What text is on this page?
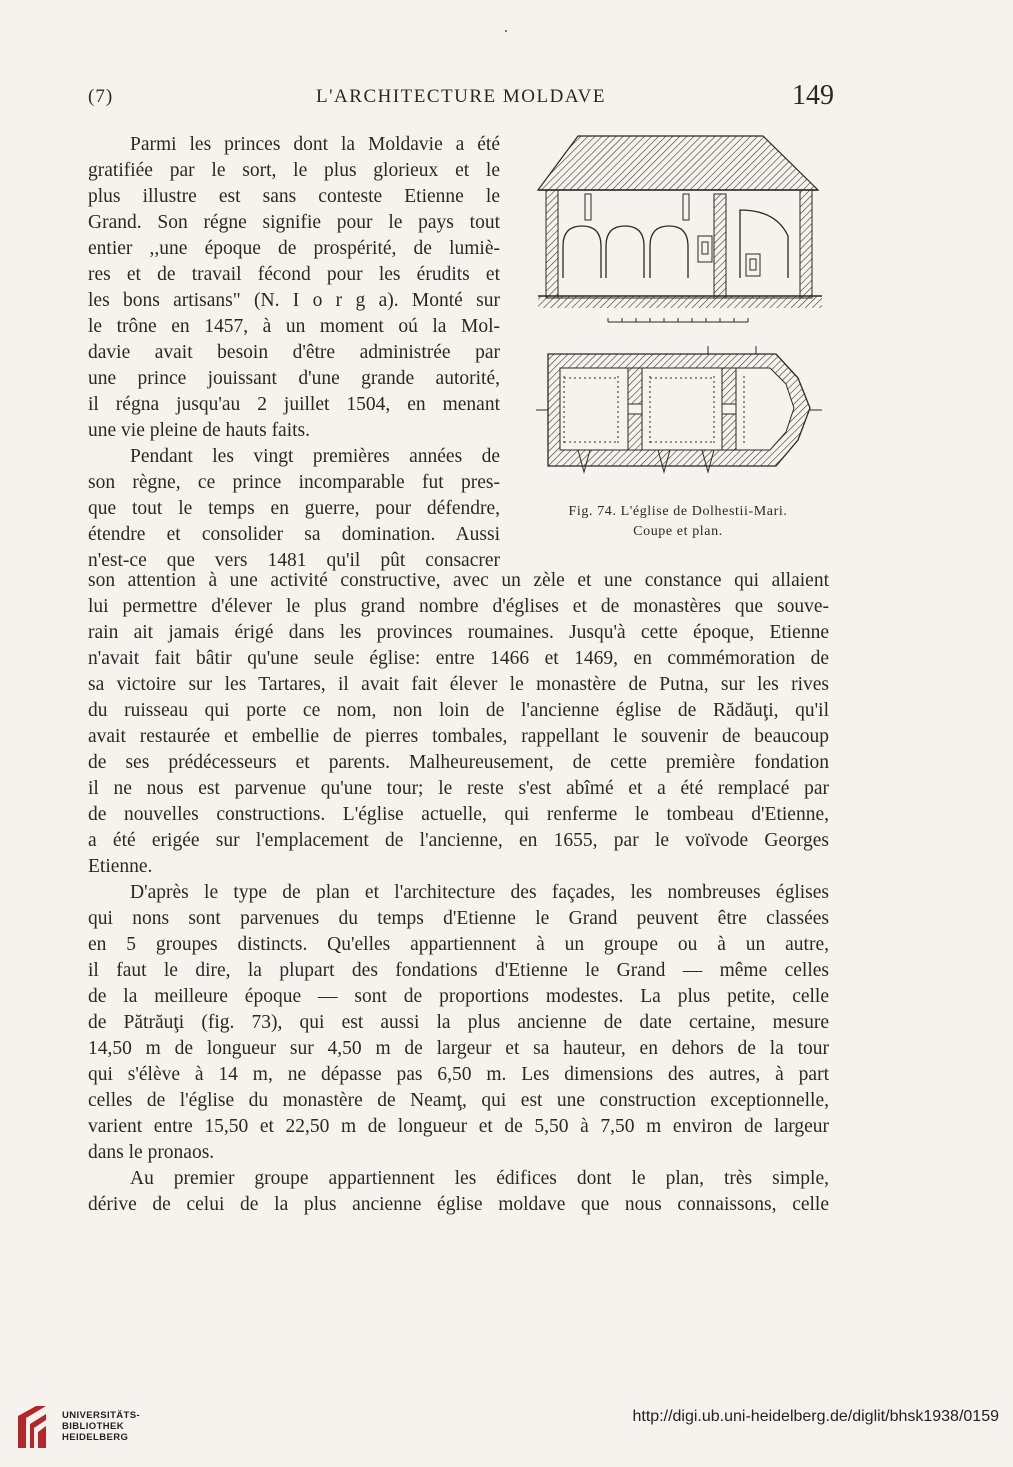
(7)	L'ARCHITECTURE MOLDAVE	149
Parmi les princes dont la Moldavie a été
gratifiée par le sort, le plus glorieux et le
plus illustre est sans conteste Etienne le
Grand. Son régne signifie pour le pays tout
entier ,,une époque de prospérité, de lumiè-
res et de travail fécond pour les érudits et
les bons artisans" (N. I o r g a). Monté sur
le trône en 1457, à un moment oú la Mol-
davie avait besoin d'être administrée par
une prince jouissant d'une grande autorité,
il régna jusqu'au 2 juillet 1504, en menant
une vie pleine de hauts faits.
Pendant les vingt premières années de
son règne, ce prince incomparable fut pres-
que tout le temps en guerre, pour défendre,
étendre et consolider sa domination. Aussi
n'est-ce que vers 1481 qu'il pût consacrer
Fig. 74. L'église de Dolhestii-Mari.
Coupe et plan.
son attention à une activité constructive, avec un zèle et une constance qui allaient
lui permettre d'élever le plus grand nombre d'églises et de monastères que souve-
rain ait jamais érigé dans les provinces roumaines. Jusqu'à cette époque, Etienne
n'avait fait bâtir qu'une seule église: entre 1466 et 1469, en commémoration de
sa victoire sur les Tartares, il avait fait élever le monastère de Putna, sur les rives
du ruisseau qui porte ce nom, non loin de l'ancienne église de Rădăuţi, qu'il
avait restaurée et embellie de pierres tombales, rappellant le souvenir de beaucoup
de ses prédécesseurs et parents. Malheureusement, de cette première fondation
il ne nous est parvenue qu'une tour; le reste s'est abîmé et a été remplacé par
de nouvelles constructions. L'église actuelle, qui renferme le tombeau d'Etienne,
a été erigée sur l'emplacement de l'ancienne, en 1655, par le voïvode Georges
Etienne.
D'après le type de plan et l'architecture des façades, les nombreuses églises
qui nons sont parvenues du temps d'Etienne le Grand peuvent être classées
en 5 groupes distincts. Qu'elles appartiennent à un groupe ou à un autre,
il faut le dire, la plupart des fondations d'Etienne le Grand — même celles
de la meilleure époque — sont de proportions modestes. La plus petite, celle
de Pătrăuţi (fig. 73), qui est aussi la plus ancienne de date certaine, mesure
14,50 m de longueur sur 4,50 m de largeur et sa hauteur, en dehors de la tour
qui s'élève à 14 m, ne dépasse pas 6,50 m. Les dimensions des autres, à part
celles de l'église du monastère de Neamţ, qui est une construction exceptionnelle,
varient entre 15,50 et 22,50 m de longueur et de 5,50 à 7,50 m environ de largeur
dans le pronaos.
Au premier groupe appartiennent les édifices dont le plan, très simple,
dérive de celui de la plus ancienne église moldave que nous connaissons, celle
UNIVERSITÄTS-
BIBLIOTHEK
HEIDELBERG
http://digi.ub.uni-heidelberg.de/diglit/bhsk1938/0159
